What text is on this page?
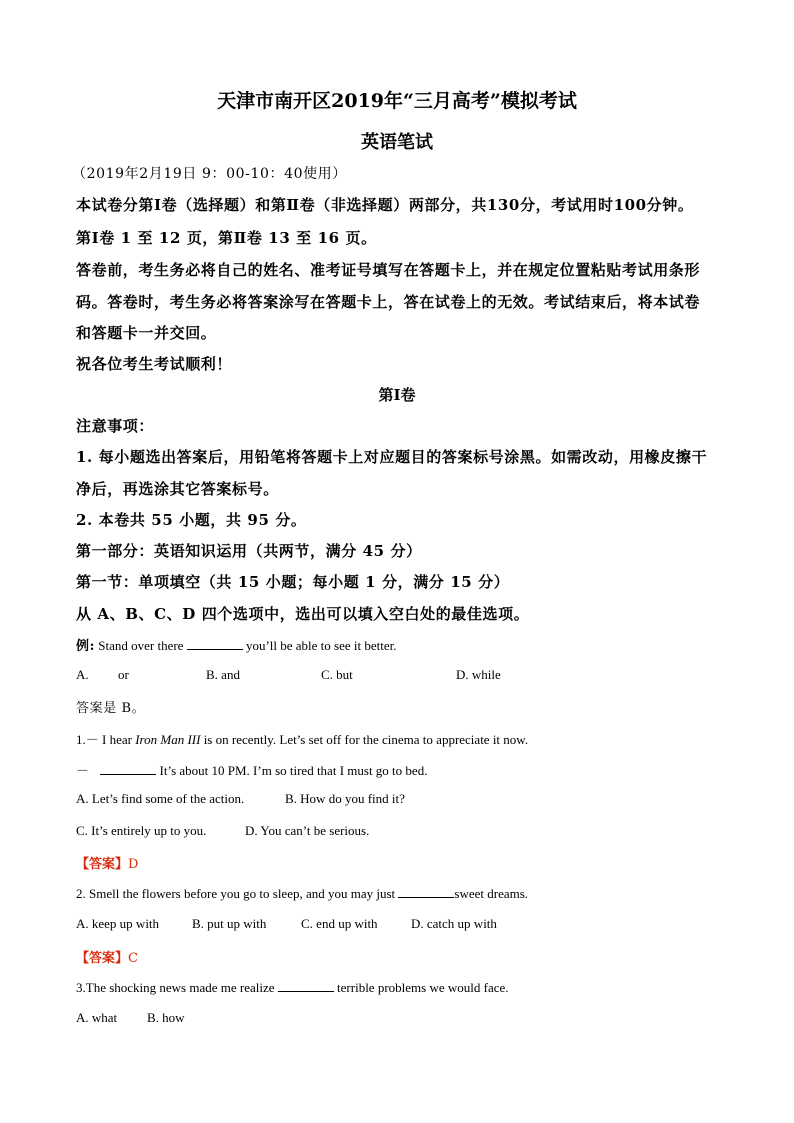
天津市南开区2019年“三月高考”模拟考试
英语笔试
（2019年2月19日 9：00-10：40使用）
本试卷分第Ⅰ卷（选择题）和第Ⅱ卷（非选择题）两部分，共130分，考试用时100分钟。
第Ⅰ卷 1 至 12 页，第Ⅱ卷 13 至 16 页。
答卷前，考生务必将自己的姓名、准考证号填写在答题卡上，并在规定位置粘贴考试用条形
码。答卷时，考生务必将答案涂写在答题卡上，答在试卷上的无效。考试结束后，将本试卷
和答题卡一并交回。
祝各位考生考试顺利！
第Ⅰ卷
注意事项：
1. 每小题选出答案后，用铅笔将答题卡上对应题目的答案标号涂黑。如需改动，用橡皮擦干
净后，再选涂其它答案标号。
2. 本卷共 55 小题，共 95 分。
第一部分：英语知识运用（共两节，满分 45 分）
第一节：单项填空（共 15 小题；每小题 1 分，满分 15 分）
从 A、B、C、D 四个选项中，选出可以填入空白处的最佳选项。
例: Stand over there	you’ll be able to see it better.
A. or	B. and	C. but	D. while
答案是 B。
1.－ I hear Iron Man III is on recently. Let’s set off for the cinema to appreciate it now.
－	It’s about 10 PM. I’m so tired that I must go to bed.
A. Let’s find some of the action.	B. How do you find it?
C. It’s entirely up to you.	D. You can’t be serious.
【答案】D
2. Smell the flowers before you go to sleep, and you may just	sweet dreams.
A. keep up with	B. put up with	C. end up with	D. catch up with
【答案】C
3.The shocking news made me realize	terrible problems we would face.
A. what B. how
